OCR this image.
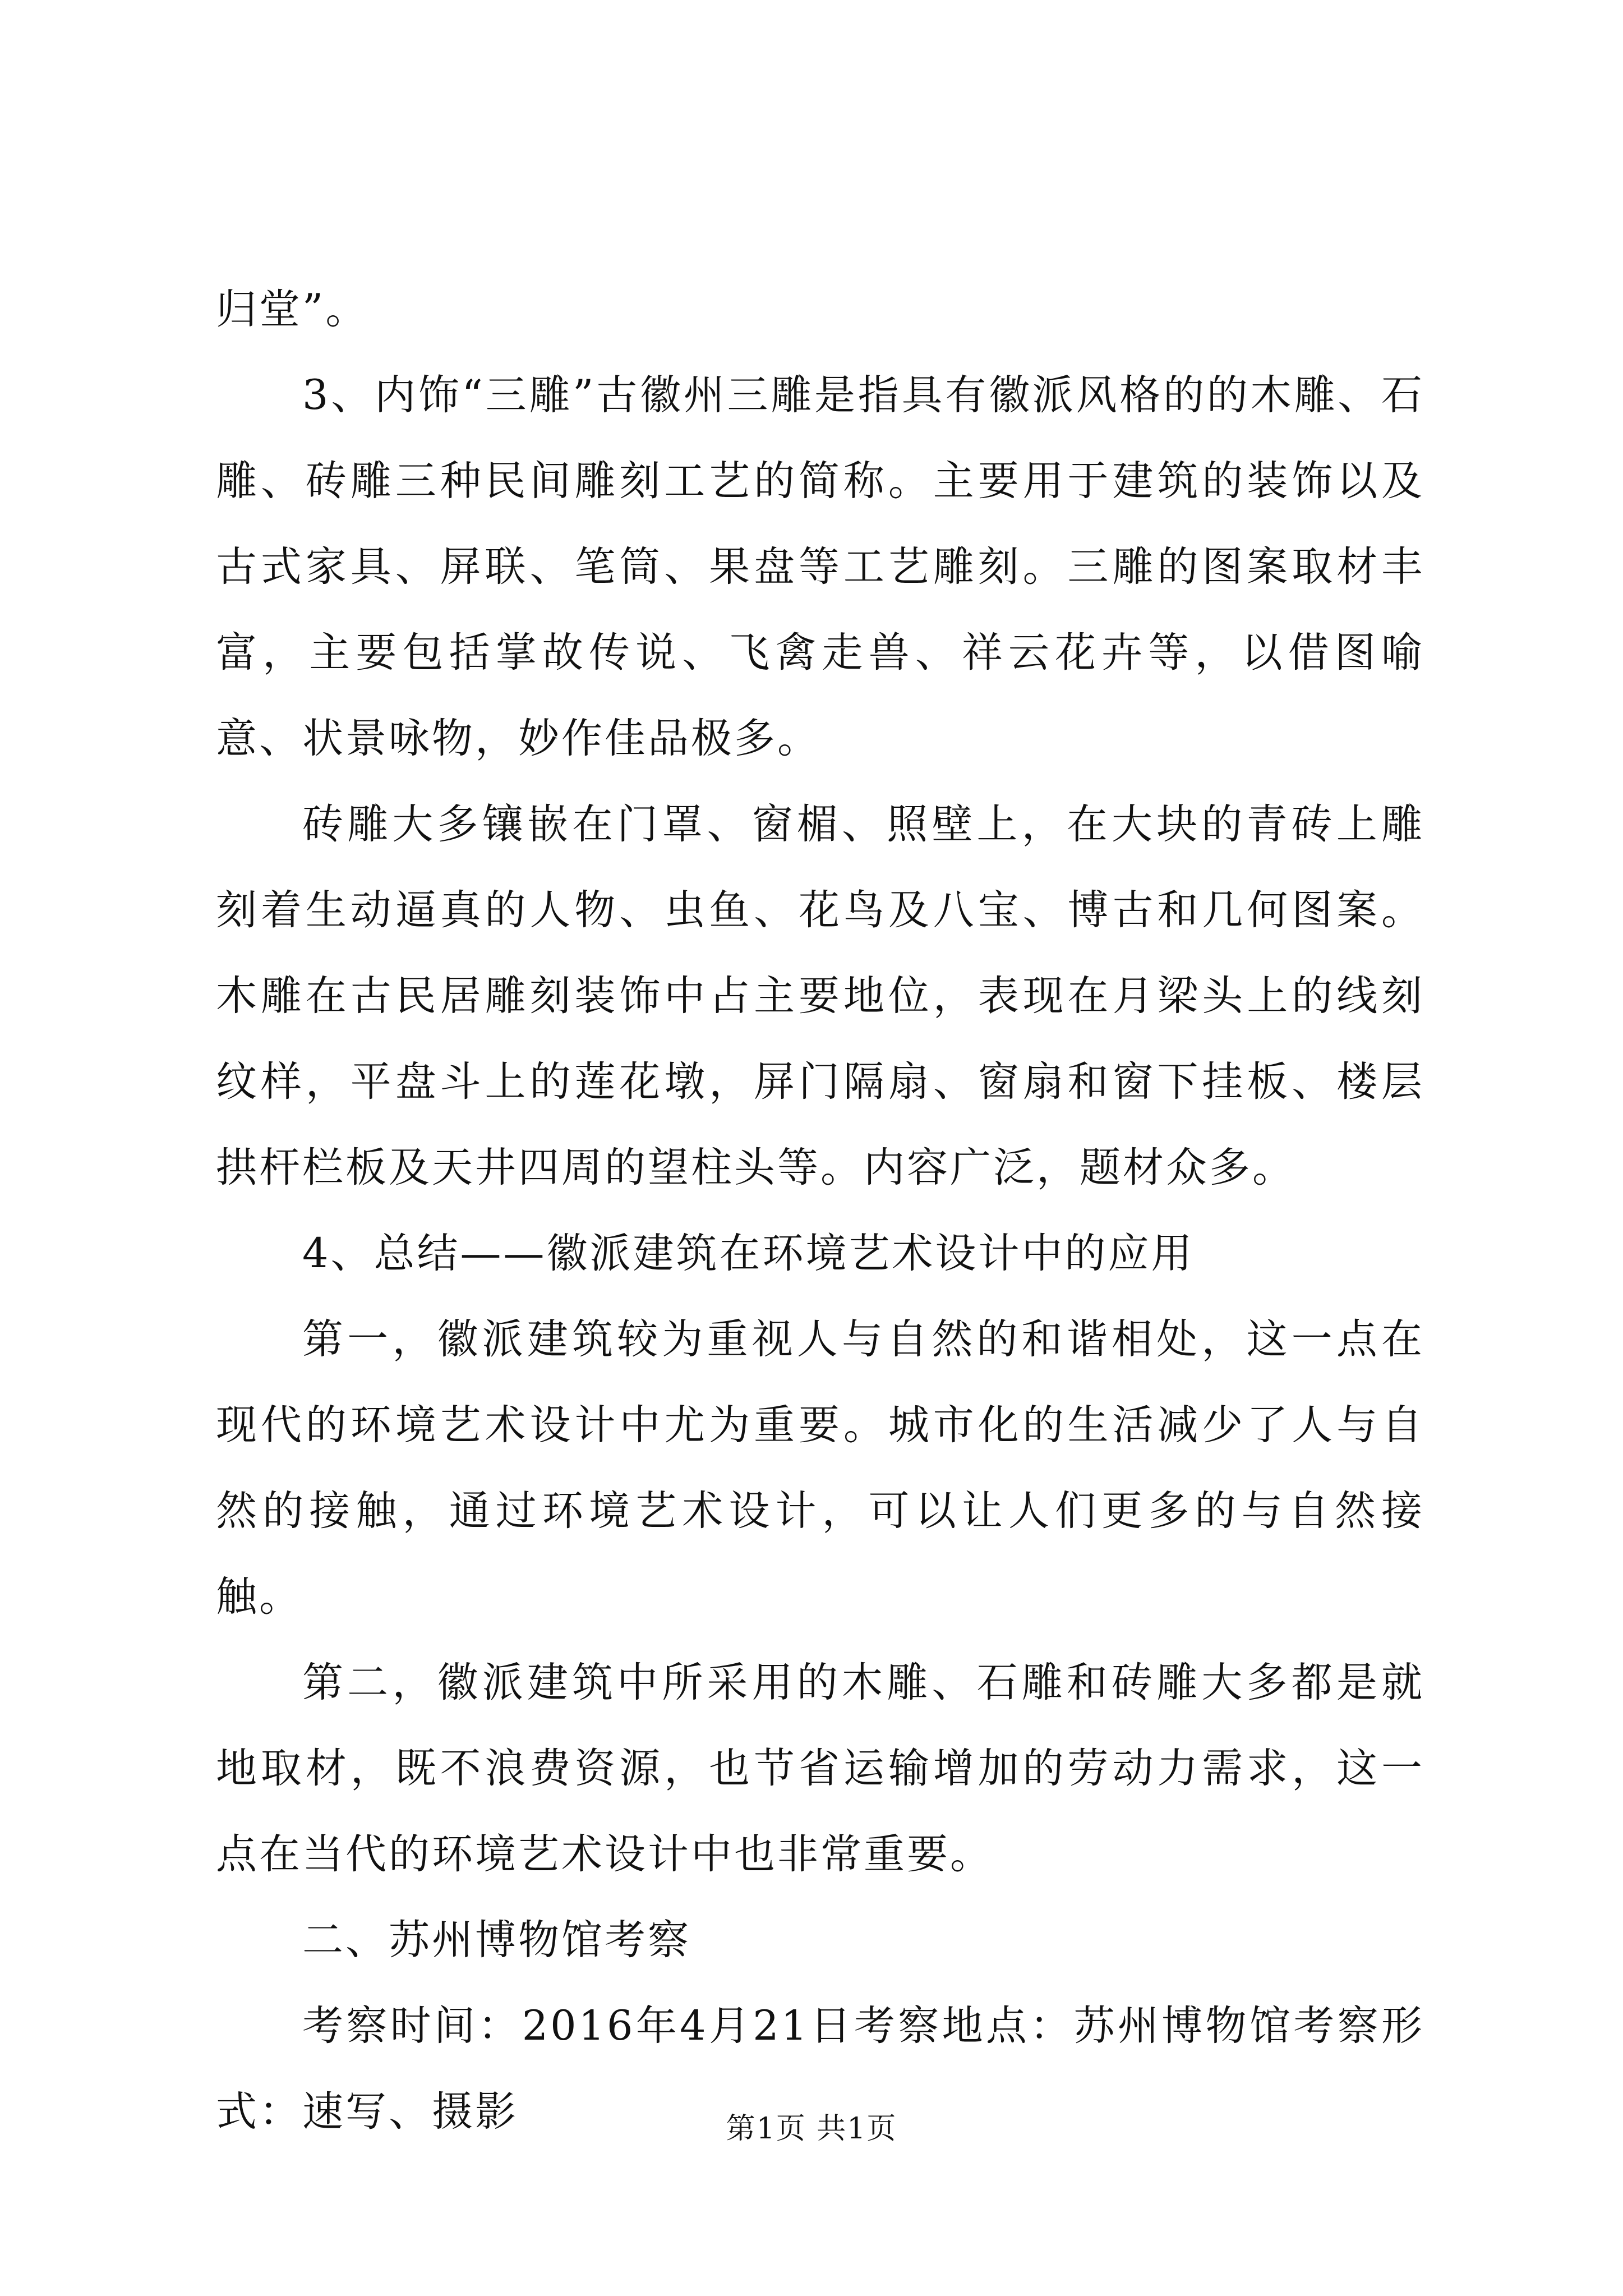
归堂”。

3、内饰“三雕”古徽州三雕是指具有徽派风格的的木雕、石雕、砖雕三种民间雕刻工艺的简称。主要用于建筑的装饰以及古式家具、屏联、笔筒、果盘等工艺雕刻。三雕的图案取材丰富，主要包括掌故传说、飞禽走兽、祥云花卉等，以借图喻意、状景咏物，妙作佳品极多。

砖雕大多镶嵌在门罩、窗楣、照壁上，在大块的青砖上雕刻着生动逼真的人物、虫鱼、花鸟及八宝、博古和几何图案。木雕在古民居雕刻装饰中占主要地位，表现在月梁头上的线刻纹样，平盘斗上的莲花墩，屏门隔扇、窗扇和窗下挂板、楼层拱杆栏板及天井四周的望柱头等。内容广泛，题材众多。

4、总结——徽派建筑在环境艺术设计中的应用

第一，徽派建筑较为重视人与自然的和谐相处，这一点在现代的环境艺术设计中尤为重要。城市化的生活减少了人与自然的接触，通过环境艺术设计，可以让人们更多的与自然接触。

第二，徽派建筑中所采用的木雕、石雕和砖雕大多都是就地取材，既不浪费资源，也节省运输增加的劳动力需求，这一点在当代的环境艺术设计中也非常重要。

二、苏州博物馆考察

考察时间：2016年4月21日考察地点：苏州博物馆考察形式：速写、摄影	第1页 共1页
